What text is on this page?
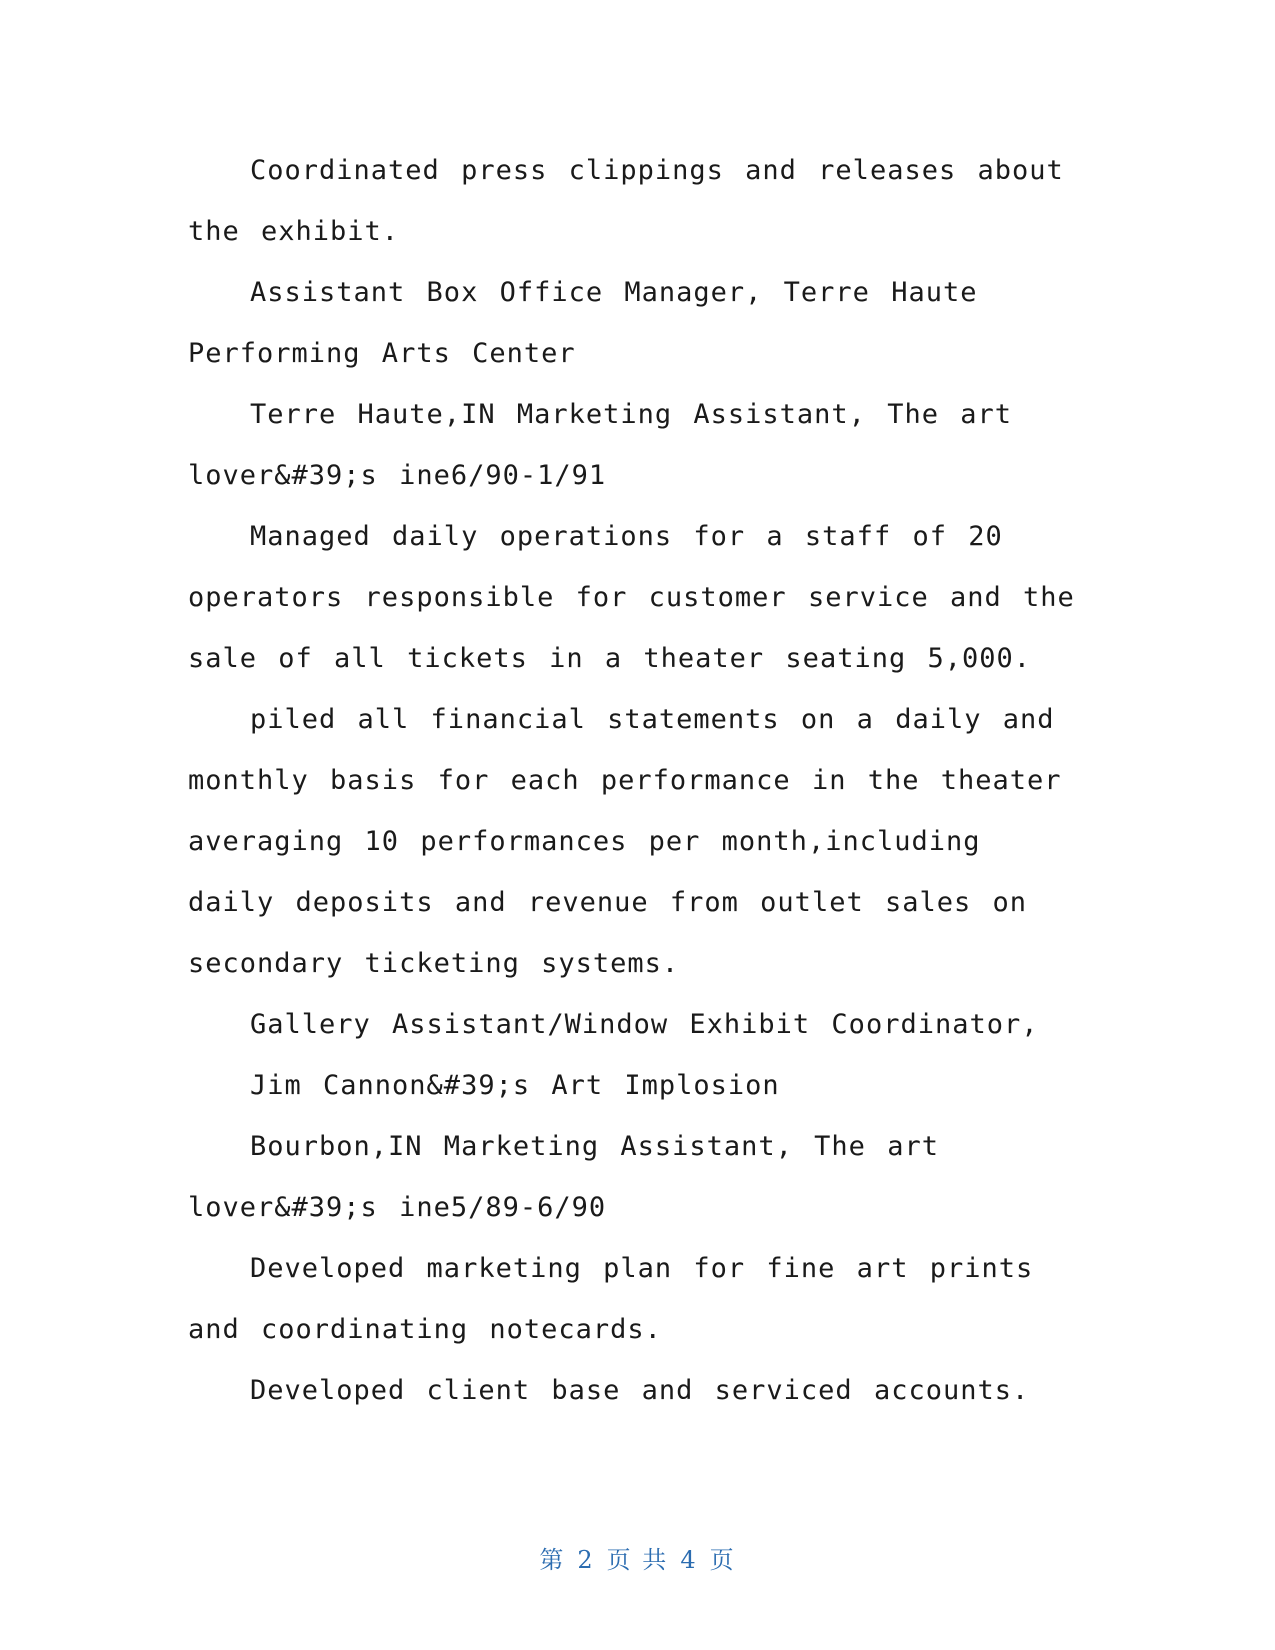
Coordinated press clippings and releases about the exhibit.

Assistant Box Office Manager, Terre Haute Performing Arts Center

Terre Haute,IN Marketing Assistant, The art lover&#39;s ine6/90-1/91

Managed daily operations for a staff of 20 operators responsible for customer service and the sale of all tickets in a theater seating 5,000.

piled all financial statements on a daily and monthly basis for each performance in the theater averaging 10 performances per month,including daily deposits and revenue from outlet sales on secondary ticketing systems.

Gallery Assistant/Window Exhibit Coordinator,

Jim Cannon&#39;s Art Implosion

Bourbon,IN Marketing Assistant, The art lover&#39;s ine5/89-6/90

Developed marketing plan for fine art prints and coordinating notecards.

Developed client base and serviced accounts.

第 2 页 共 4 页
